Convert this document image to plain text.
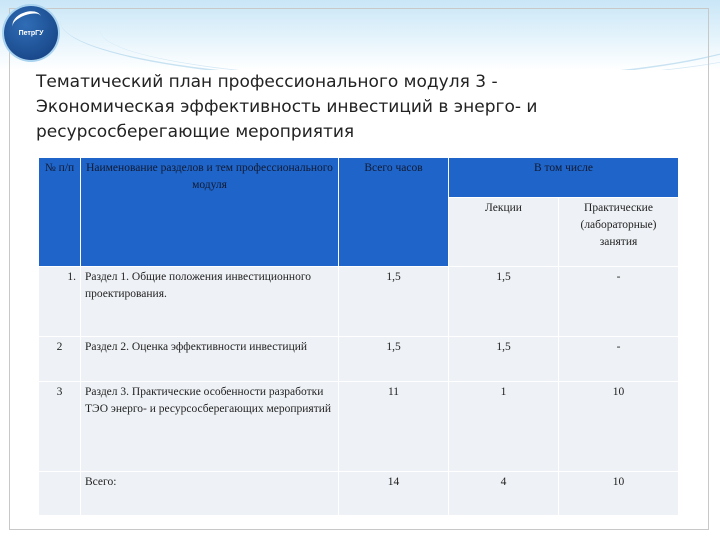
ПетрГУ
Тематический план профессионального модуля 3 -
Экономическая эффективность инвестиций в энерго- и
ресурсосберегающие мероприятия
№ п/п	Наименование разделов и тем профессионального модуля	Всего часов	В том числе	
			Лекции	Практические (лабораторные) занятия
1.	Раздел 1. Общие положения инвестиционного проектирования.	1,5	1,5	-
2	Раздел 2. Оценка эффективности инвестиций	1,5	1,5	-
3	Раздел 3. Практические особенности разработки ТЭО энерго- и ресурсосберегающих мероприятий	11	1	10
	Всего:	14	4	10
